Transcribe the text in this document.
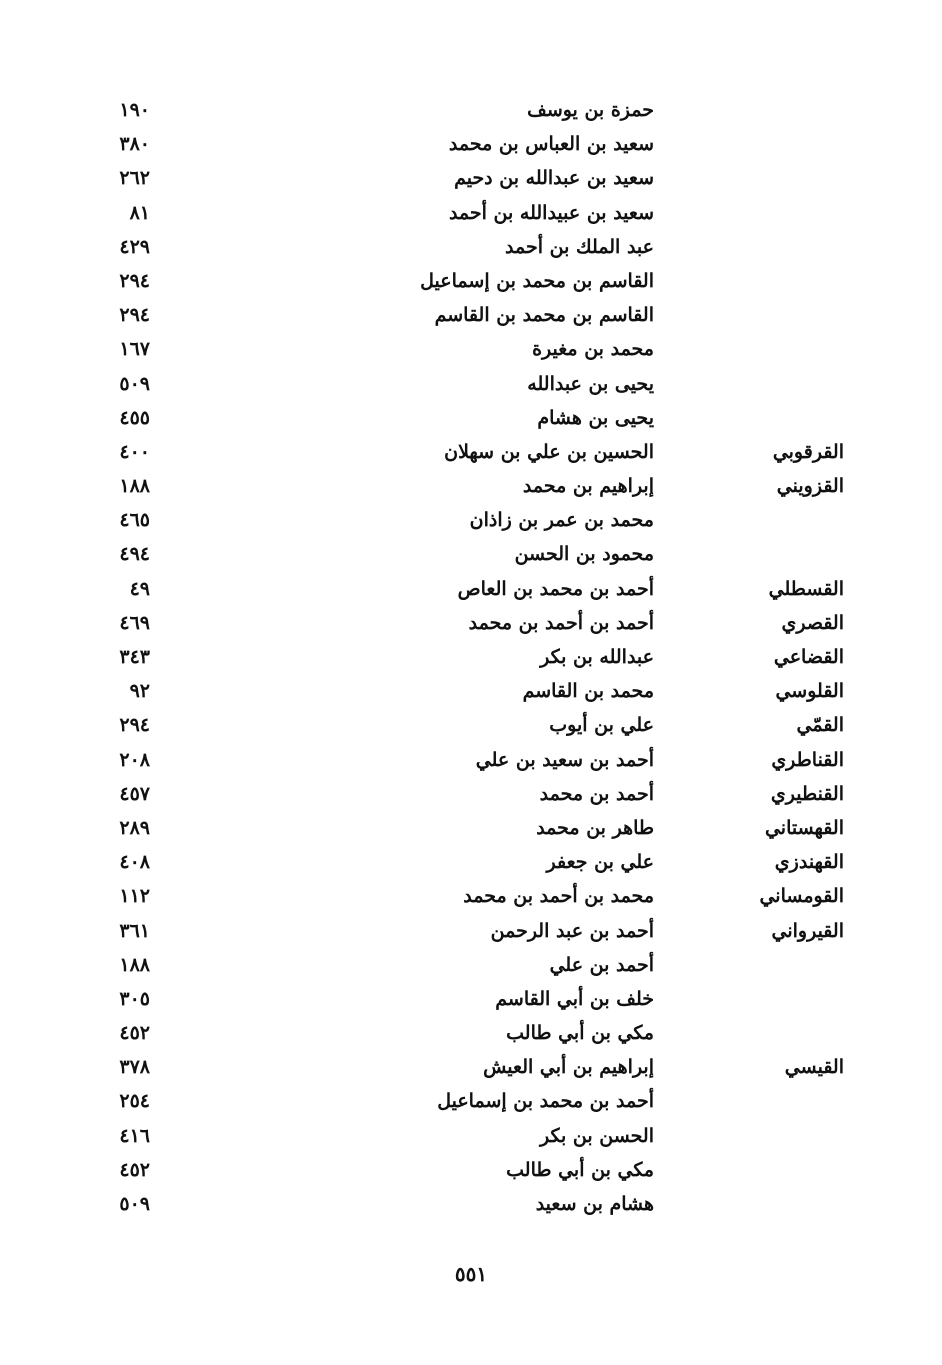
حمزة بن يوسف
١٩٠
سعيد بن العباس بن محمد
٣٨٠
سعيد بن عبدالله بن دحيم
٢٦٢
سعيد بن عبيدالله بن أحمد
٨١
عبد الملك بن أحمد
٤٢٩
القاسم بن محمد بن إسماعيل
٢٩٤
القاسم بن محمد بن القاسم
٢٩٤
محمد بن مغيرة
١٦٧
يحيى بن عبدالله
٥٠٩
يحيى بن هشام
٤٥٥
القرقوبي
الحسين بن علي بن سهلان
٤٠٠
القزويني
إبراهيم بن محمد
١٨٨
محمد بن عمر بن زاذان
٤٦٥
محمود بن الحسن
٤٩٤
القسطلي
أحمد بن محمد بن العاص
٤٩
القصري
أحمد بن أحمد بن محمد
٤٦٩
القضاعي
عبدالله بن بكر
٣٤٣
القلوسي
محمد بن القاسم
٩٢
القمّي
علي بن أيوب
٢٩٤
القناطري
أحمد بن سعيد بن علي
٢٠٨
القنطيري
أحمد بن محمد
٤٥٧
القهستاني
طاهر بن محمد
٢٨٩
القهندزي
علي بن جعفر
٤٠٨
القومساني
محمد بن أحمد بن محمد
١١٢
القيرواني
أحمد بن عبد الرحمن
٣٦١
أحمد بن علي
١٨٨
خلف بن أبي القاسم
٣٠٥
مكي بن أبي طالب
٤٥٢
القيسي
إبراهيم بن أبي العيش
٣٧٨
أحمد بن محمد بن إسماعيل
٢٥٤
الحسن بن بكر
٤١٦
مكي بن أبي طالب
٤٥٢
هشام بن سعيد
٥٠٩
٥٥١
